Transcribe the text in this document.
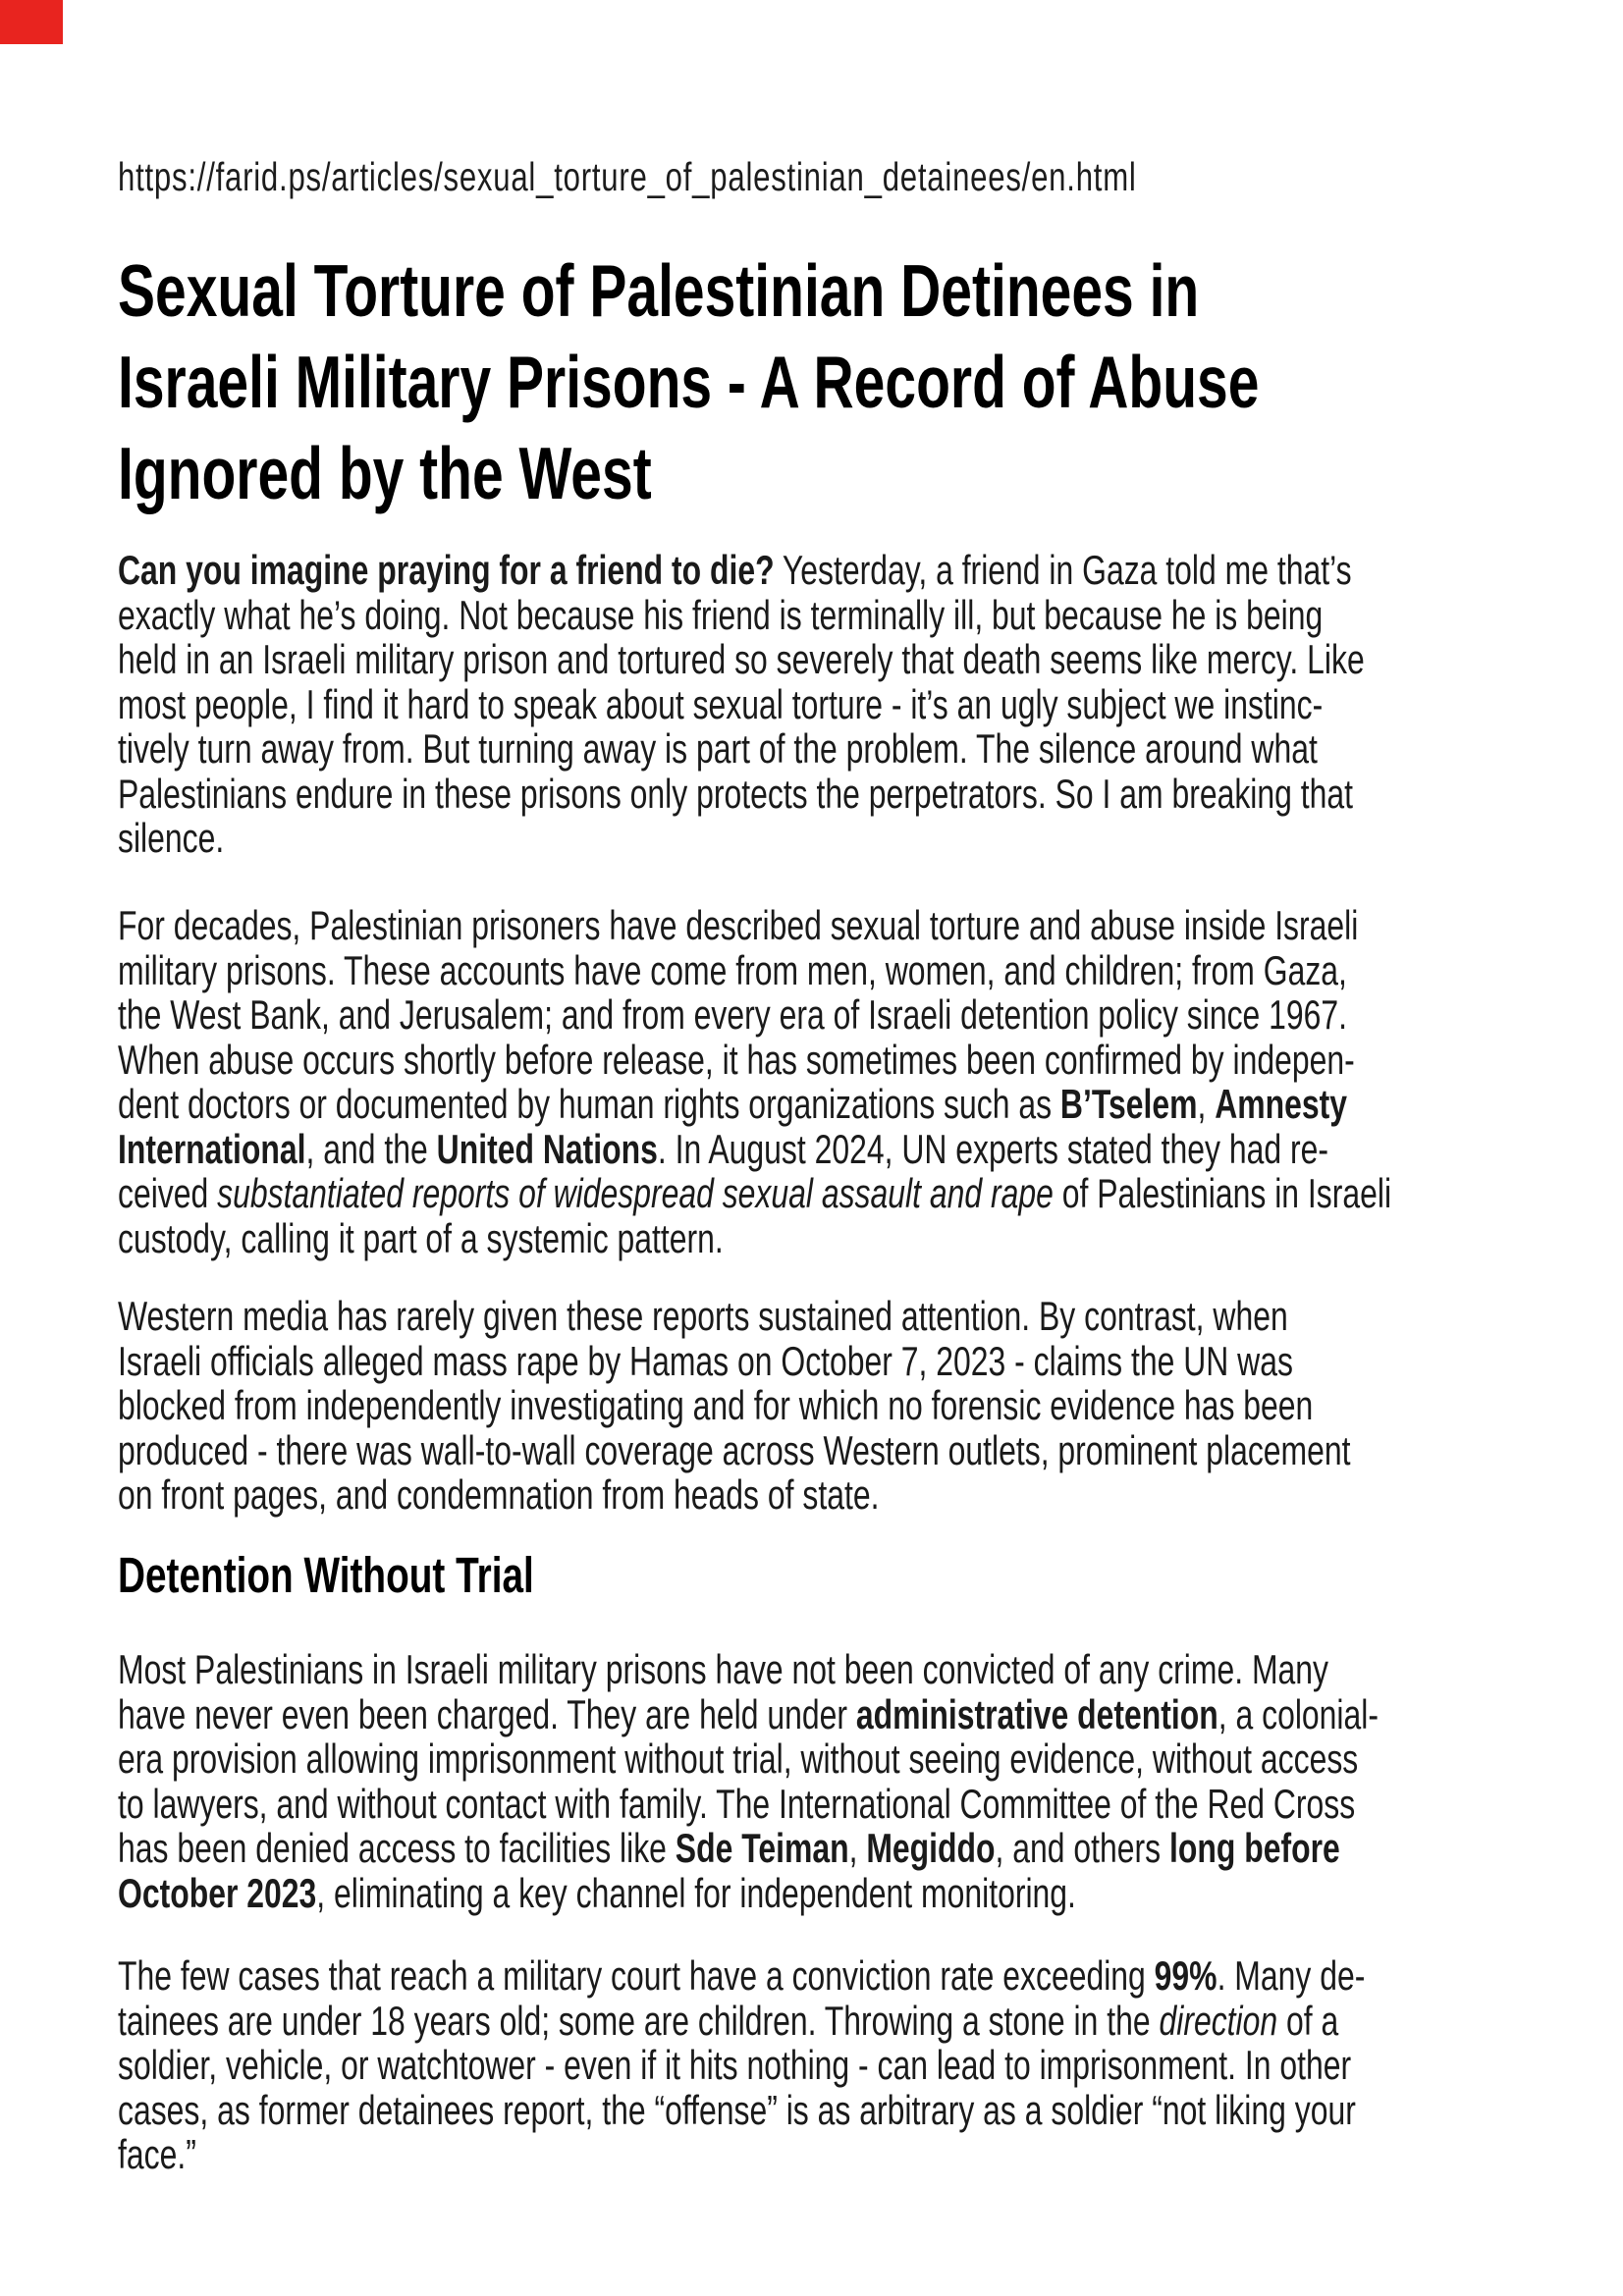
https://farid.ps/articles/sexual_torture_of_palestinian_detainees/en.html
Sexual Torture of Palestinian Detinees in
Israeli Military Prisons - A Record of Abuse
Ignored by the West
Can you imagine praying for a friend to die? Yesterday, a friend in Gaza told me that’s
exactly what he’s doing. Not because his friend is terminally ill, but because he is being
held in an Israeli military prison and tortured so severely that death seems like mercy. Like
most people, I find it hard to speak about sexual torture - it’s an ugly subject we instinc-
tively turn away from. But turning away is part of the problem. The silence around what
Palestinians endure in these prisons only protects the perpetrators. So I am breaking that
silence.
For decades, Palestinian prisoners have described sexual torture and abuse inside Israeli
military prisons. These accounts have come from men, women, and children; from Gaza,
the West Bank, and Jerusalem; and from every era of Israeli detention policy since 1967.
When abuse occurs shortly before release, it has sometimes been confirmed by indepen-
dent doctors or documented by human rights organizations such as B’Tselem, Amnesty
International, and the United Nations. In August 2024, UN experts stated they had re-
ceived substantiated reports of widespread sexual assault and rape of Palestinians in Israeli
custody, calling it part of a systemic pattern.
Western media has rarely given these reports sustained attention. By contrast, when
Israeli officials alleged mass rape by Hamas on October 7, 2023 - claims the UN was
blocked from independently investigating and for which no forensic evidence has been
produced - there was wall-to-wall coverage across Western outlets, prominent placement
on front pages, and condemnation from heads of state.
Detention Without Trial
Most Palestinians in Israeli military prisons have not been convicted of any crime. Many
have never even been charged. They are held under administrative detention, a colonial-
era provision allowing imprisonment without trial, without seeing evidence, without access
to lawyers, and without contact with family. The International Committee of the Red Cross
has been denied access to facilities like Sde Teiman, Megiddo, and others long before
October 2023, eliminating a key channel for independent monitoring.
The few cases that reach a military court have a conviction rate exceeding 99%. Many de-
tainees are under 18 years old; some are children. Throwing a stone in the direction of a
soldier, vehicle, or watchtower - even if it hits nothing - can lead to imprisonment. In other
cases, as former detainees report, the “offense” is as arbitrary as a soldier “not liking your
face.”
